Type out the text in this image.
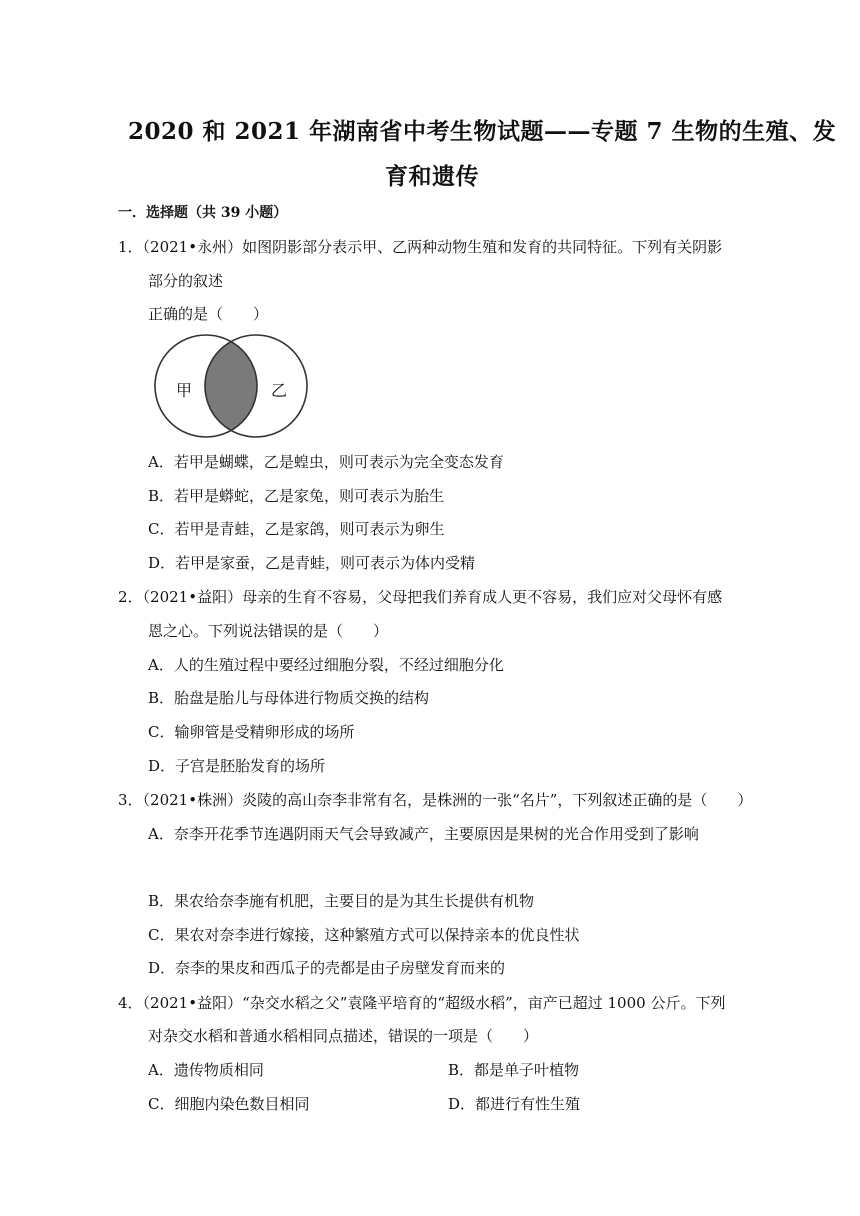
2020 和 2021 年湖南省中考生物试题——专题 7 生物的生殖、发
育和遗传
一．选择题（共 39 小题）
1．（2021•永州）如图阴影部分表示甲、乙两种动物生殖和发育的共同特征。下列有关阴影
部分的叙述
正确的是（　　）
甲	乙
A．若甲是蝴蝶，乙是蝗虫，则可表示为完全变态发育
B．若甲是蟒蛇，乙是家兔，则可表示为胎生
C．若甲是青蛙，乙是家鸽，则可表示为卵生
D．若甲是家蚕，乙是青蛙，则可表示为体内受精
2．（2021•益阳）母亲的生育不容易，父母把我们养育成人更不容易，我们应对父母怀有感
恩之心。下列说法错误的是（　　）
A．人的生殖过程中要经过细胞分裂，不经过细胞分化
B．胎盘是胎儿与母体进行物质交换的结构
C．输卵管是受精卵形成的场所
D．子宫是胚胎发育的场所
3．（2021•株洲）炎陵的高山奈李非常有名，是株洲的一张“名片”，下列叙述正确的是（　　）
A．奈李开花季节连遇阴雨天气会导致减产，主要原因是果树的光合作用受到了影响
B．果农给奈李施有机肥，主要目的是为其生长提供有机物
C．果农对奈李进行嫁接，这种繁殖方式可以保持亲本的优良性状
D．奈李的果皮和西瓜子的壳都是由子房壁发育而来的
4．（2021•益阳）“杂交水稻之父”袁隆平培育的“超级水稻”，亩产已超过 1000 公斤。下列
对杂交水稻和普通水稻相同点描述，错误的一项是（　　）
A．遗传物质相同	B．都是单子叶植物
C．细胞内染色数目相同	D．都进行有性生殖
